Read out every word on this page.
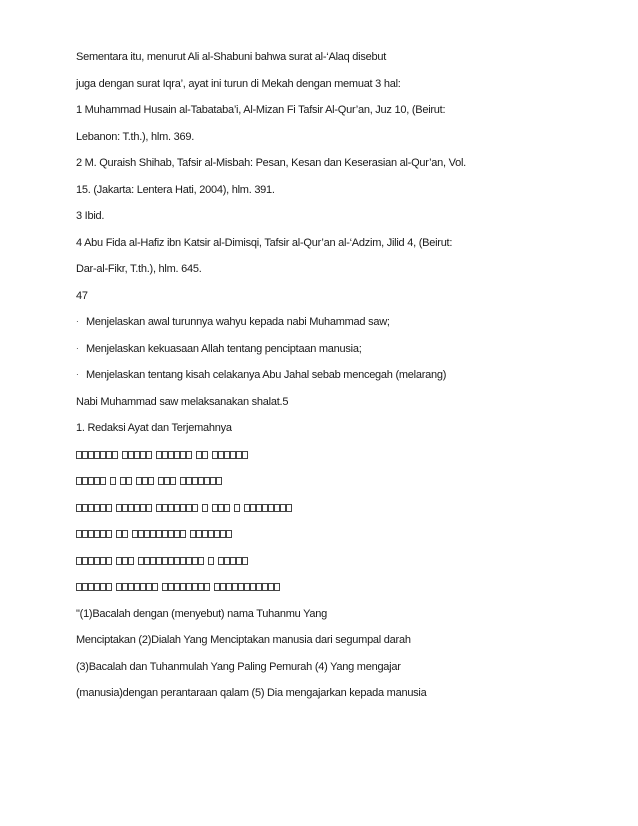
Sementara itu, menurut Ali al-Shabuni bahwa surat al-‘Alaq disebut
juga dengan surat Iqra’, ayat ini turun di Mekah dengan memuat 3 hal:
1 Muhammad Husain al-Tabataba’i, Al-Mizan Fi Tafsir Al-Qur’an, Juz 10, (Beirut:
Lebanon: T.th.), hlm. 369.
2 M. Quraish Shihab, Tafsir al-Misbah: Pesan, Kesan dan Keserasian al-Qur’an, Vol.
15. (Jakarta: Lentera Hati, 2004), hlm. 391.
3 Ibid.
4 Abu Fida al-Hafiz ibn Katsir al-Dimisqi, Tafsir al-Qur’an al-‘Adzim, Jilid 4, (Beirut:
Dar-al-Fikr, T.th.), hlm. 645.
47
· Menjelaskan awal turunnya wahyu kepada nabi Muhammad saw;
· Menjelaskan kekuasaan Allah tentang penciptaan manusia;
· Menjelaskan tentang kisah celakanya Abu Jahal sebab mencegah (melarang)
Nabi Muhammad saw melaksanakan shalat.5
1. Redaksi Ayat dan Terjemahnya
"(1)Bacalah dengan (menyebut) nama Tuhanmu Yang
Menciptakan (2)Dialah Yang Menciptakan manusia dari segumpal darah
(3)Bacalah dan Tuhanmulah Yang Paling Pemurah (4) Yang mengajar
(manusia)dengan perantaraan qalam (5) Dia mengajarkan kepada manusia
